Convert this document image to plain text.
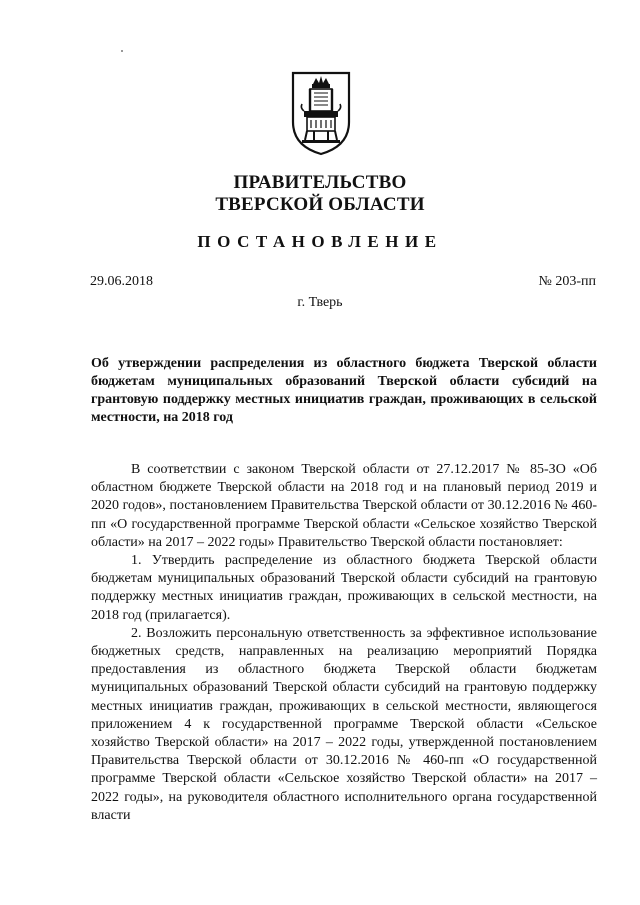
ПРАВИТЕЛЬСТВО
ТВЕРСКОЙ ОБЛАСТИ
ПОСТАНОВЛЕНИЕ
29.06.2018	№ 203-пп
г. Тверь
Об утверждении распределения из областного бюджета Тверской области бюджетам муниципальных образований Тверской области субсидий на грантовую поддержку местных инициатив граждан, проживающих в сельской местности, на 2018 год

В соответствии с законом Тверской области от 27.12.2017 № 85-ЗО «Об областном бюджете Тверской области на 2018 год и на плановый период 2019 и 2020 годов», постановлением Правительства Тверской области от 30.12.2016 № 460-пп «О государственной программе Тверской области «Сельское хозяйство Тверской области» на 2017 – 2022 годы» Правительство Тверской области постановляет:

1. Утвердить распределение из областного бюджета Тверской области бюджетам муниципальных образований Тверской области субсидий на грантовую поддержку местных инициатив граждан, проживающих в сельской местности, на 2018 год (прилагается).

2. Возложить персональную ответственность за эффективное использование бюджетных средств, направленных на реализацию мероприятий Порядка предоставления из областного бюджета Тверской области бюджетам муниципальных образований Тверской области субсидий на грантовую поддержку местных инициатив граждан, проживающих в сельской местности, являющегося приложением 4 к государственной программе Тверской области «Сельское хозяйство Тверской области» на 2017 – 2022 годы, утвержденной постановлением Правительства Тверской области от 30.12.2016 № 460-пп «О государственной программе Тверской области «Сельское хозяйство Тверской области» на 2017 – 2022 годы», на руководителя областного исполнительного органа государственной власти
